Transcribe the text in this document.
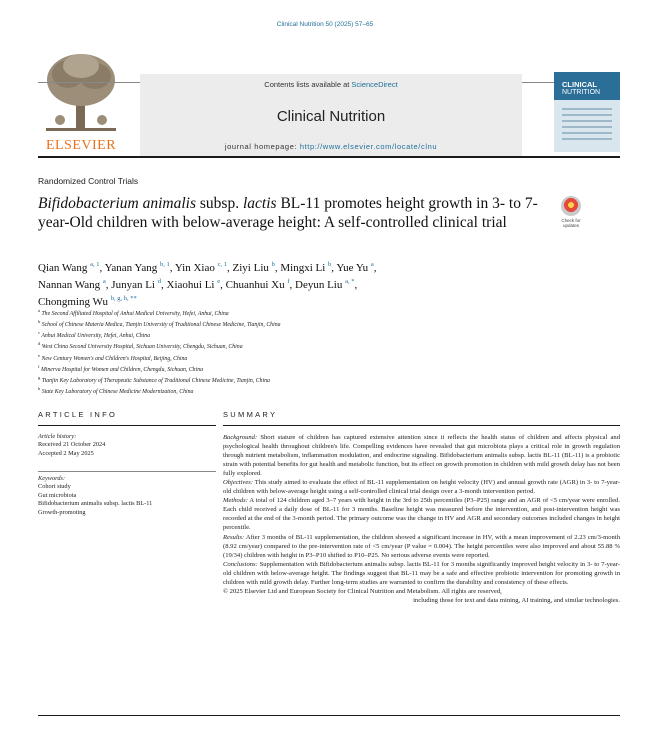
Clinical Nutrition 50 (2025) 57–65
ELSEVIER
Contents lists available at ScienceDirect
Clinical Nutrition
journal homepage: http://www.elsevier.com/locate/clnu
CLINICAL
NUTRITION
Randomized Control Trials
Bifidobacterium animalis subsp. lactis BL-11 promotes height growth in 3- to 7-year-Old children with below-average height: A self-controlled clinical trial	Check for
updates
Qian Wang $^{a, 1}$, Yanan Yang $^{b, 1}$, Yin Xiao $^{c, 1}$, Ziyi Liu $^b$, Mingxi Li $^b$, Yue Yu $^a$,
Nannan Wang $^a$, Junyan Li $^d$, Xiaohui Li $^e$, Chuanhui Xu $^f$, Deyun Liu $^{a, *}$,
Chongming Wu $^{b, g, h, **}$
$^a$ The Second Affiliated Hospital of Anhui Medical University, Hefei, Anhui, China
$^b$ School of Chinese Materia Medica, Tianjin University of Traditional Chinese Medicine, Tianjin, China
$^c$ Anhui Medical University, Hefei, Anhui, China
$^d$ West China Second University Hospital, Sichuan University, Chengdu, Sichuan, China
$^e$ New Century Women's and Children's Hospital, Beijing, China
$^f$ Minerva Hospital for Women and Children, Chengdu, Sichuan, China
$^g$ Tianjin Key Laboratory of Therapeutic Substance of Traditional Chinese Medicine, Tianjin, China
$^h$ State Key Laboratory of Chinese Medicine Modernization, China
ARTICLE INFO	SUMMARY
Article history:
Received 21 October 2024
Accepted 2 May 2025
Keywords:
Cohort study
Gut microbiota
Bifidobacterium animalis subsp. lactis BL-11
Growth-promoting

Background: Short stature of children has captured extensive attention since it reflects the health status of children and affects physical and psychological health throughout children's life. Compelling evidences have revealed that gut microbiota plays a critical role in growth regulation through nutrient metabolism, inflammation modulation, and endocrine signaling. Bifidobacterium animalis subsp. lactis BL-11 (BL-11) is a probiotic strain with potential benefits for gut health and metabolic function, but its effect on growth promotion in children with mild growth delay has not been fully explored.

Objectives: This study aimed to evaluate the effect of BL-11 supplementation on height velocity (HV) and annual growth rate (AGR) in 3- to 7-year-old children with below-average height using a self-controlled clinical trial design over a 3-month intervention period.

Methods: A total of 124 children aged 3–7 years with height in the 3rd to 25th percentiles (P3–P25) range and an AGR of <5 cm/year were enrolled. Each child received a daily dose of BL-11 for 3 months. Baseline height was measured before the intervention, and post-intervention height was recorded at the end of the 3-month period. The primary outcome was the change in HV and AGR and secondary outcomes included changes in height percentile.

Results: After 3 months of BL-11 supplementation, the children showed a significant increase in HV, with a mean improvement of 2.23 cm/3-month (8.92 cm/year) compared to the pre-intervention rate of <5 cm/year (P value = 0.004). The height percentiles were also improved and about 55.88 % (19/34) children with height in P3–P10 shifted to P10–P25. No serious adverse events were reported.

Conclusions: Supplementation with Bifidobacterium animalis subsp. lactis BL-11 for 3 months significantly improved height velocity in 3- to 7-year-old children with below-average height. The findings suggest that BL-11 may be a safe and effective probiotic intervention for promoting growth in children with mild growth delay. Further long-term studies are warranted to confirm the durability and consistency of these effects.

© 2025 Elsevier Ltd and European Society for Clinical Nutrition and Metabolism. All rights are reserved,

including those for text and data mining, AI training, and similar technologies.
